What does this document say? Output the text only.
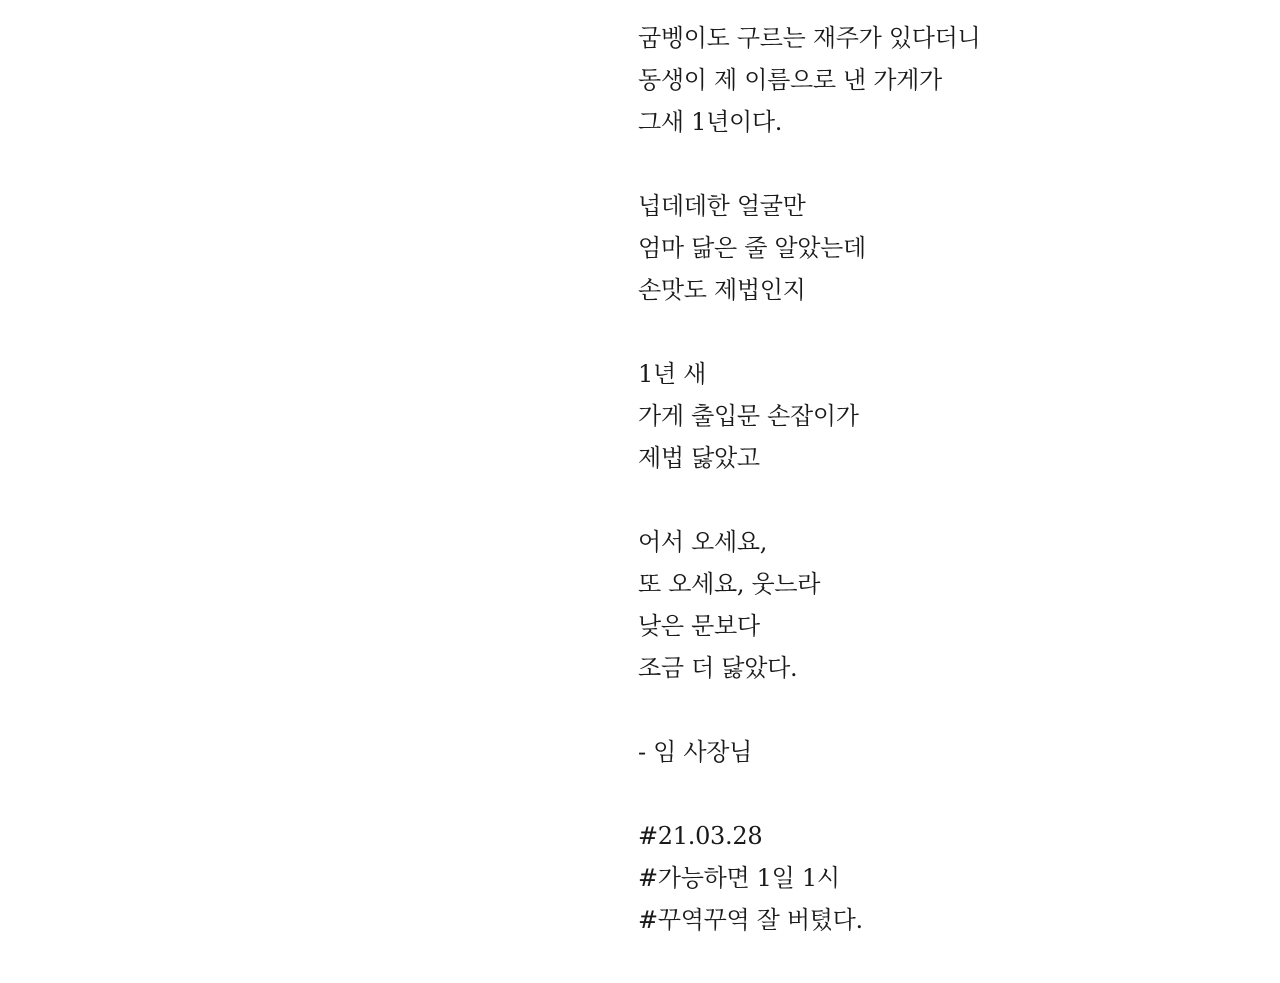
굼벵이도 구르는 재주가 있다더니
동생이 제 이름으로 낸 가게가
그새 1년이다.
넙데데한 얼굴만
엄마 닮은 줄 알았는데
손맛도 제법인지
1년 새
가게 출입문 손잡이가
제법 닳았고
어서 오세요,
또 오세요, 웃느라
낮은 문보다
조금 더 닳았다.
- 임 사장님
#21.03.28
#가능하면 1일 1시
#꾸역꾸역 잘 버텼다.
